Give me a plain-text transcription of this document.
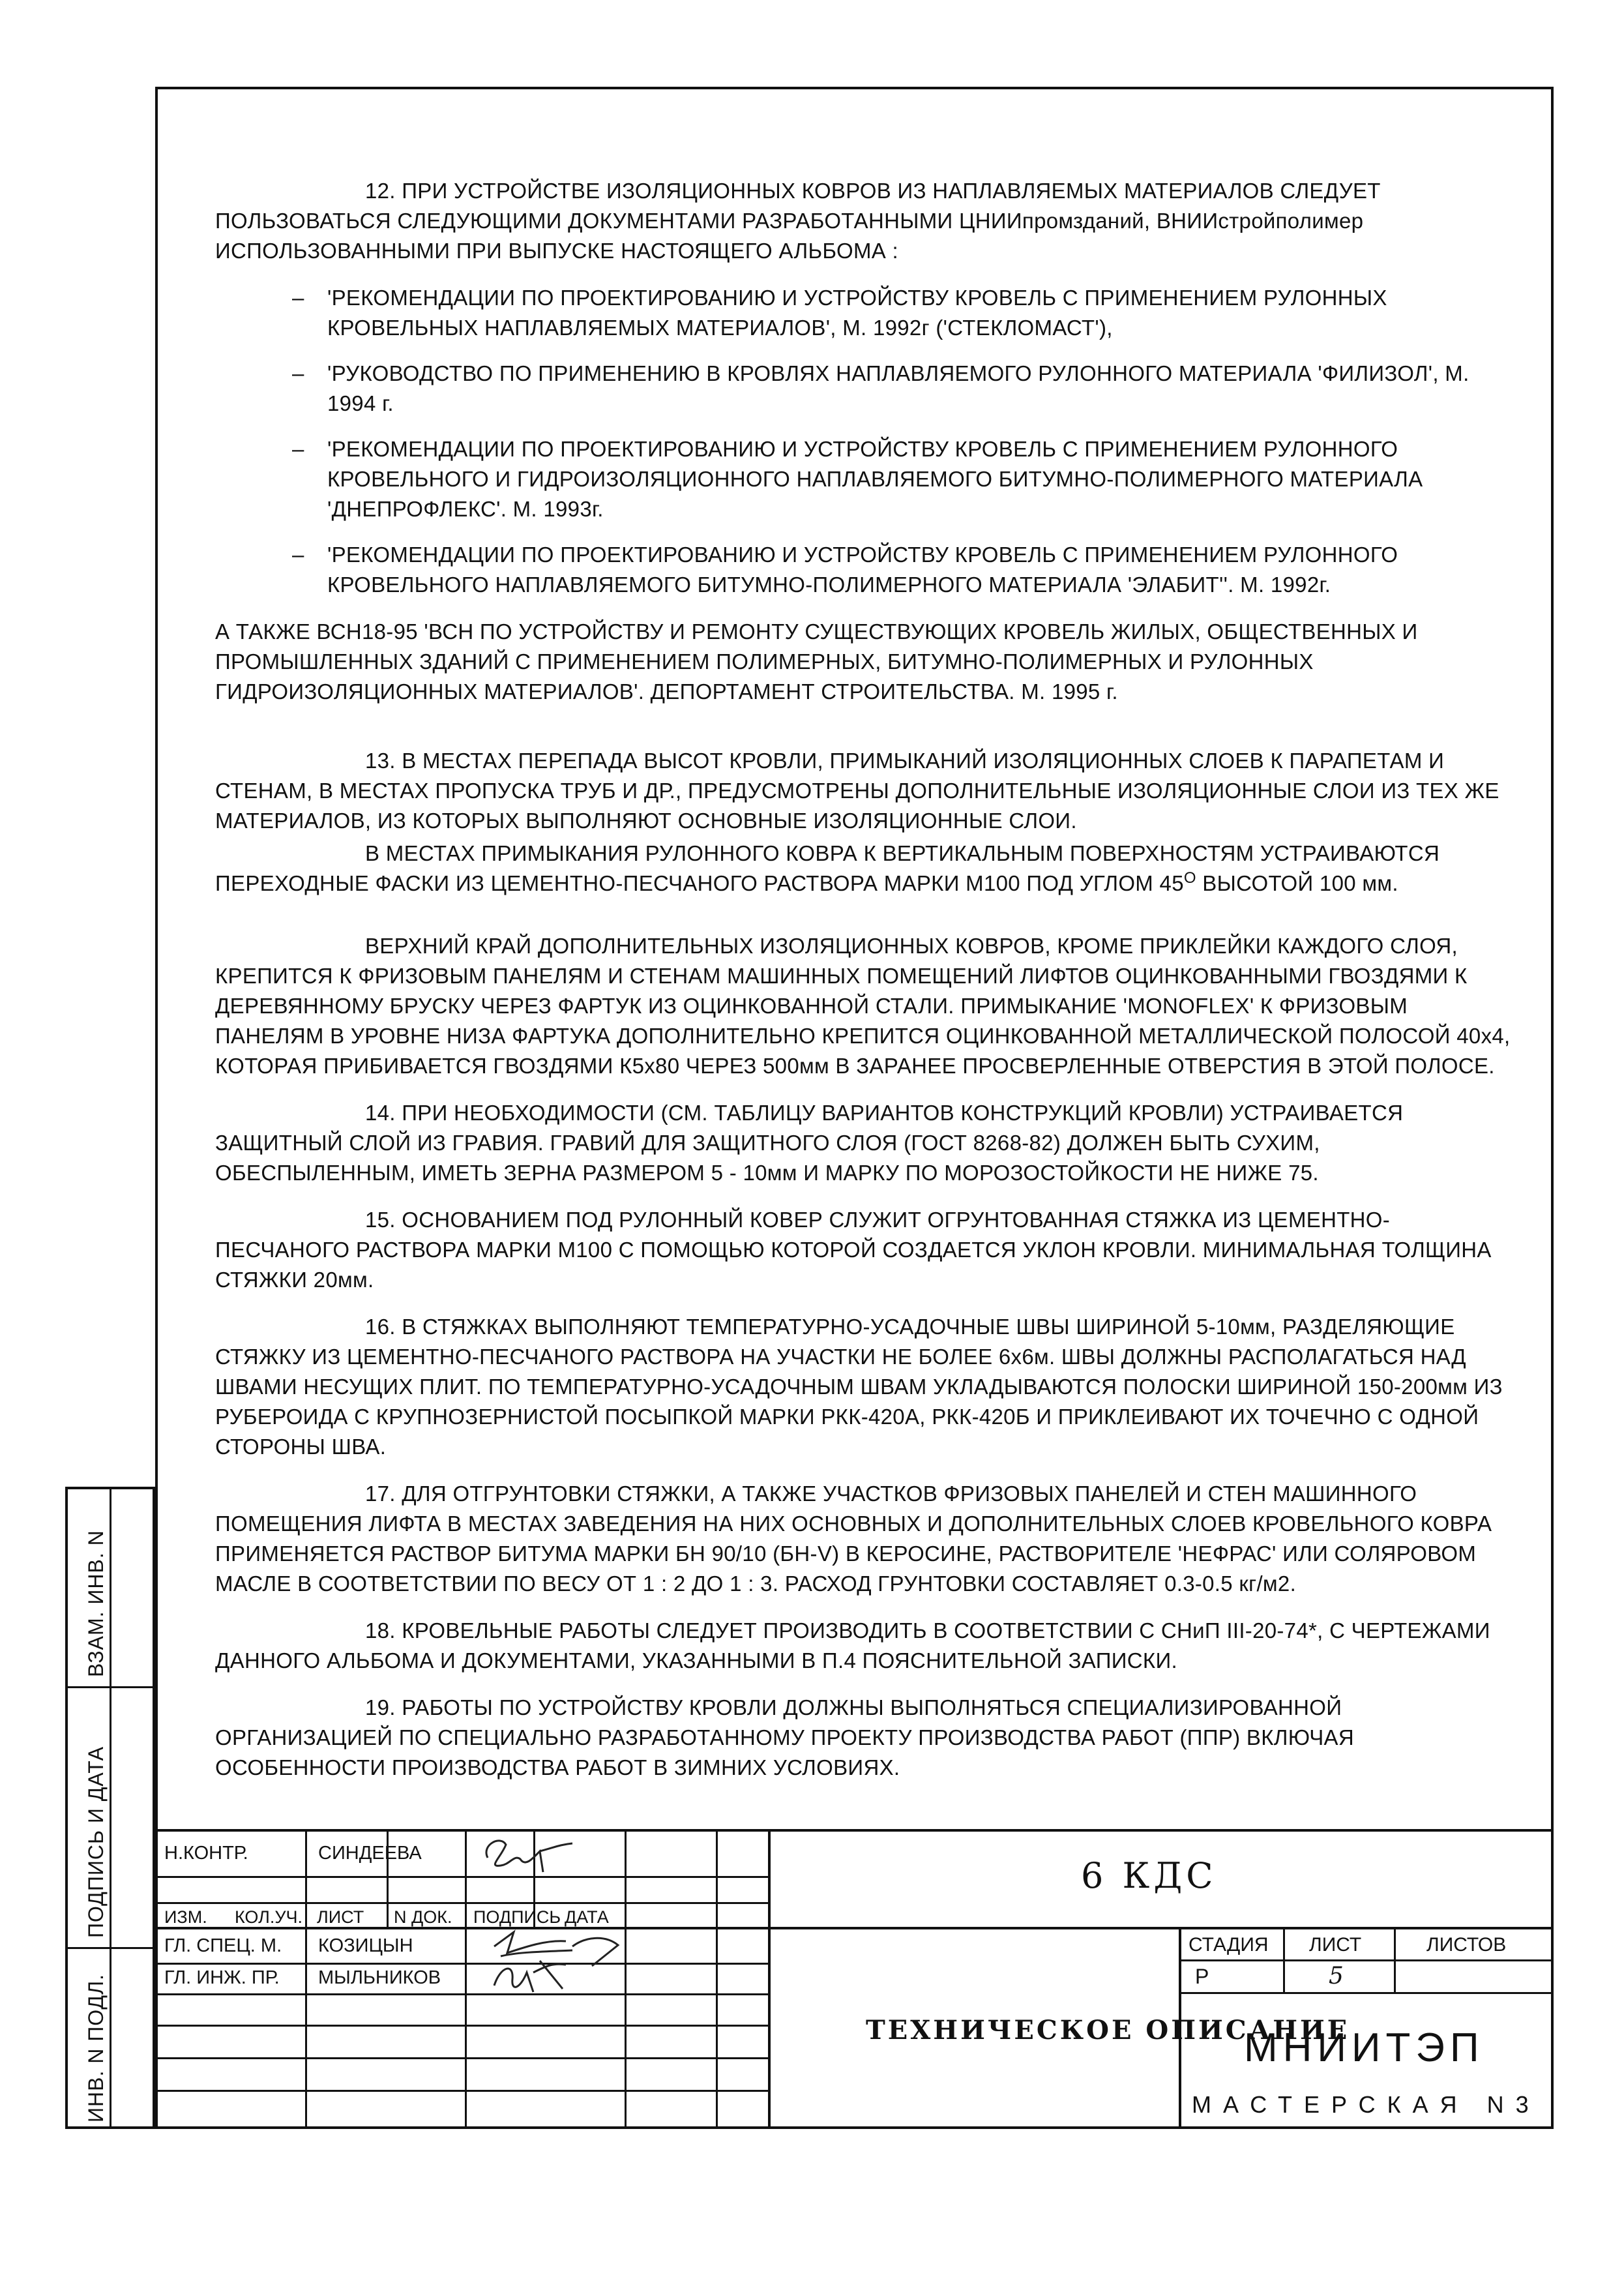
12. ПРИ УСТРОЙСТВЕ ИЗОЛЯЦИОННЫХ КОВРОВ ИЗ НАПЛАВЛЯЕМЫХ МАТЕРИАЛОВ СЛЕДУЕТ ПОЛЬЗОВАТЬСЯ СЛЕДУЮЩИМИ ДОКУМЕНТАМИ РАЗРАБОТАННЫМИ ЦНИИпромзданий, ВНИИстройполимер ИСПОЛЬЗОВАННЫМИ ПРИ ВЫПУСКЕ НАСТОЯЩЕГО АЛЬБОМА :

– 'РЕКОМЕНДАЦИИ ПО ПРОЕКТИРОВАНИЮ И УСТРОЙСТВУ КРОВЕЛЬ С ПРИМЕНЕНИЕМ РУЛОННЫХ КРОВЕЛЬНЫХ НАПЛАВЛЯЕМЫХ МАТЕРИАЛОВ', М. 1992г ('СТЕКЛОМАСТ'),
– 'РУКОВОДСТВО ПО ПРИМЕНЕНИЮ В КРОВЛЯХ НАПЛАВЛЯЕМОГО РУЛОННОГО МАТЕРИАЛА 'ФИЛИЗОЛ', М. 1994 г.
– 'РЕКОМЕНДАЦИИ ПО ПРОЕКТИРОВАНИЮ И УСТРОЙСТВУ КРОВЕЛЬ С ПРИМЕНЕНИЕМ РУЛОННОГО КРОВЕЛЬНОГО И ГИДРОИЗОЛЯЦИОННОГО НАПЛАВЛЯЕМОГО БИТУМНО-ПОЛИМЕРНОГО МАТЕРИАЛА 'ДНЕПРОФЛЕКС'. М. 1993г.
– 'РЕКОМЕНДАЦИИ ПО ПРОЕКТИРОВАНИЮ И УСТРОЙСТВУ КРОВЕЛЬ С ПРИМЕНЕНИЕМ РУЛОННОГО КРОВЕЛЬНОГО НАПЛАВЛЯЕМОГО БИТУМНО-ПОЛИМЕРНОГО МАТЕРИАЛА 'ЭЛАБИТ''. М. 1992г.

А ТАКЖЕ ВСН18-95 'ВСН ПО УСТРОЙСТВУ И РЕМОНТУ СУЩЕСТВУЮЩИХ КРОВЕЛЬ ЖИЛЫХ, ОБЩЕСТВЕННЫХ И ПРОМЫШЛЕННЫХ ЗДАНИЙ С ПРИМЕНЕНИЕМ ПОЛИМЕРНЫХ, БИТУМНО-ПОЛИМЕРНЫХ И РУЛОННЫХ ГИДРОИЗОЛЯЦИОННЫХ МАТЕРИАЛОВ'. ДЕПОРТАМЕНТ СТРОИТЕЛЬСТВА. М. 1995 г.

13. В МЕСТАХ ПЕРЕПАДА ВЫСОТ КРОВЛИ, ПРИМЫКАНИЙ ИЗОЛЯЦИОННЫХ СЛОЕВ К ПАРАПЕТАМ И СТЕНАМ, В МЕСТАХ ПРОПУСКА ТРУБ И ДР., ПРЕДУСМОТРЕНЫ ДОПОЛНИТЕЛЬНЫЕ ИЗОЛЯЦИОННЫЕ СЛОИ ИЗ ТЕХ ЖЕ МАТЕРИАЛОВ, ИЗ КОТОРЫХ ВЫПОЛНЯЮТ ОСНОВНЫЕ ИЗОЛЯЦИОННЫЕ СЛОИ.

В МЕСТАХ ПРИМЫКАНИЯ РУЛОННОГО КОВРА К ВЕРТИКАЛЬНЫМ ПОВЕРХНОСТЯМ УСТРАИВАЮТСЯ ПЕРЕХОДНЫЕ ФАСКИ ИЗ ЦЕМЕНТНО-ПЕСЧАНОГО РАСТВОРА МАРКИ М100 ПОД УГЛОМ $45^О$ ВЫСОТОЙ 100 мм.

ВЕРХНИЙ КРАЙ ДОПОЛНИТЕЛЬНЫХ ИЗОЛЯЦИОННЫХ КОВРОВ, КРОМЕ ПРИКЛЕЙКИ КАЖДОГО СЛОЯ, КРЕПИТСЯ К ФРИЗОВЫМ ПАНЕЛЯМ И СТЕНАМ МАШИННЫХ ПОМЕЩЕНИЙ ЛИФТОВ ОЦИНКОВАННЫМИ ГВОЗДЯМИ К ДЕРЕВЯННОМУ БРУСКУ ЧЕРЕЗ ФАРТУК ИЗ ОЦИНКОВАННОЙ СТАЛИ. ПРИМЫКАНИЕ 'MONOFLEX' К ФРИЗОВЫМ ПАНЕЛЯМ В УРОВНЕ НИЗА ФАРТУКА ДОПОЛНИТЕЛЬНО КРЕПИТСЯ ОЦИНКОВАННОЙ МЕТАЛЛИЧЕСКОЙ ПОЛОСОЙ 40х4, КОТОРАЯ ПРИБИВАЕТСЯ ГВОЗДЯМИ К5х80 ЧЕРЕЗ 500мм В ЗАРАНЕЕ ПРОСВЕРЛЕННЫЕ ОТВЕРСТИЯ В ЭТОЙ ПОЛОСЕ.

14. ПРИ НЕОБХОДИМОСТИ (СМ. ТАБЛИЦУ ВАРИАНТОВ КОНСТРУКЦИЙ КРОВЛИ) УСТРАИВАЕТСЯ ЗАЩИТНЫЙ СЛОЙ ИЗ ГРАВИЯ. ГРАВИЙ ДЛЯ ЗАЩИТНОГО СЛОЯ (ГОСТ 8268-82) ДОЛЖЕН БЫТЬ СУХИМ, ОБЕСПЫЛЕННЫМ, ИМЕТЬ ЗЕРНА РАЗМЕРОМ 5 - 10мм И МАРКУ ПО МОРОЗОСТОЙКОСТИ НЕ НИЖЕ 75.

15. ОСНОВАНИЕМ ПОД РУЛОННЫЙ КОВЕР СЛУЖИТ ОГРУНТОВАННАЯ СТЯЖКА ИЗ ЦЕМЕНТНО-ПЕСЧАНОГО РАСТВОРА МАРКИ М100 С ПОМОЩЬЮ КОТОРОЙ СОЗДАЕТСЯ УКЛОН КРОВЛИ. МИНИМАЛЬНАЯ ТОЛЩИНА СТЯЖКИ 20мм.

16. В СТЯЖКАХ ВЫПОЛНЯЮТ ТЕМПЕРАТУРНО-УСАДОЧНЫЕ ШВЫ ШИРИНОЙ 5-10мм, РАЗДЕЛЯЮЩИЕ СТЯЖКУ ИЗ ЦЕМЕНТНО-ПЕСЧАНОГО РАСТВОРА НА УЧАСТКИ НЕ БОЛЕЕ 6х6м. ШВЫ ДОЛЖНЫ РАСПОЛАГАТЬСЯ НАД ШВАМИ НЕСУЩИХ ПЛИТ. ПО ТЕМПЕРАТУРНО-УСАДОЧНЫМ ШВАМ УКЛАДЫВАЮТСЯ ПОЛОСКИ ШИРИНОЙ 150-200мм ИЗ РУБЕРОИДА С КРУПНОЗЕРНИСТОЙ ПОСЫПКОЙ МАРКИ РКК-420А, РКК-420Б И ПРИКЛЕИВАЮТ ИХ ТОЧЕЧНО С ОДНОЙ СТОРОНЫ ШВА.

17. ДЛЯ ОТГРУНТОВКИ СТЯЖКИ, А ТАКЖЕ УЧАСТКОВ ФРИЗОВЫХ ПАНЕЛЕЙ И СТЕН МАШИННОГО ПОМЕЩЕНИЯ ЛИФТА В МЕСТАХ ЗАВЕДЕНИЯ НА НИХ ОСНОВНЫХ И ДОПОЛНИТЕЛЬНЫХ СЛОЕВ КРОВЕЛЬНОГО КОВРА ПРИМЕНЯЕТСЯ РАСТВОР БИТУМА МАРКИ БН 90/10 (БН-V) В КЕРОСИНЕ, РАСТВОРИТЕЛЕ 'НЕФРАС' ИЛИ СОЛЯРОВОМ МАСЛЕ В СООТВЕТСТВИИ ПО ВЕСУ ОТ 1 : 2 ДО 1 : 3. РАСХОД ГРУНТОВКИ СОСТАВЛЯЕТ 0.3-0.5 кг/м2.

18. КРОВЕЛЬНЫЕ РАБОТЫ СЛЕДУЕТ ПРОИЗВОДИТЬ В СООТВЕТСТВИИ С СНиП III-20-74*, С ЧЕРТЕЖАМИ ДАННОГО АЛЬБОМА И ДОКУМЕНТАМИ, УКАЗАННЫМИ В П.4 ПОЯСНИТЕЛЬНОЙ ЗАПИСКИ.

19. РАБОТЫ ПО УСТРОЙСТВУ КРОВЛИ ДОЛЖНЫ ВЫПОЛНЯТЬСЯ СПЕЦИАЛИЗИРОВАННОЙ ОРГАНИЗАЦИЕЙ ПО СПЕЦИАЛЬНО РАЗРАБОТАННОМУ ПРОЕКТУ ПРОИЗВОДСТВА РАБОТ (ППР) ВКЛЮЧАЯ ОСОБЕННОСТИ ПРОИЗВОДСТВА РАБОТ В ЗИМНИХ УСЛОВИЯХ.

ВЗАМ. ИНВ. N
ПОДПИСЬ И ДАТА
ИНВ. N ПОДЛ.
Н.КОНТР.	СИНДЕЕВА
ИЗМ. КОЛ.УЧ. ЛИСТ N ДОК. ПОДПИСЬ ДАТА
ГЛ. СПЕЦ. М. КОЗИЦЫН
ГЛ. ИНЖ. ПР. МЫЛЬНИКОВ
6 КДС
ТЕХНИЧЕСКОЕ ОПИСАНИЕ
СТАДИЯ ЛИСТ	ЛИСТОВ
Р	5
МНИИТЭП
МАСТЕРСКАЯ N3
